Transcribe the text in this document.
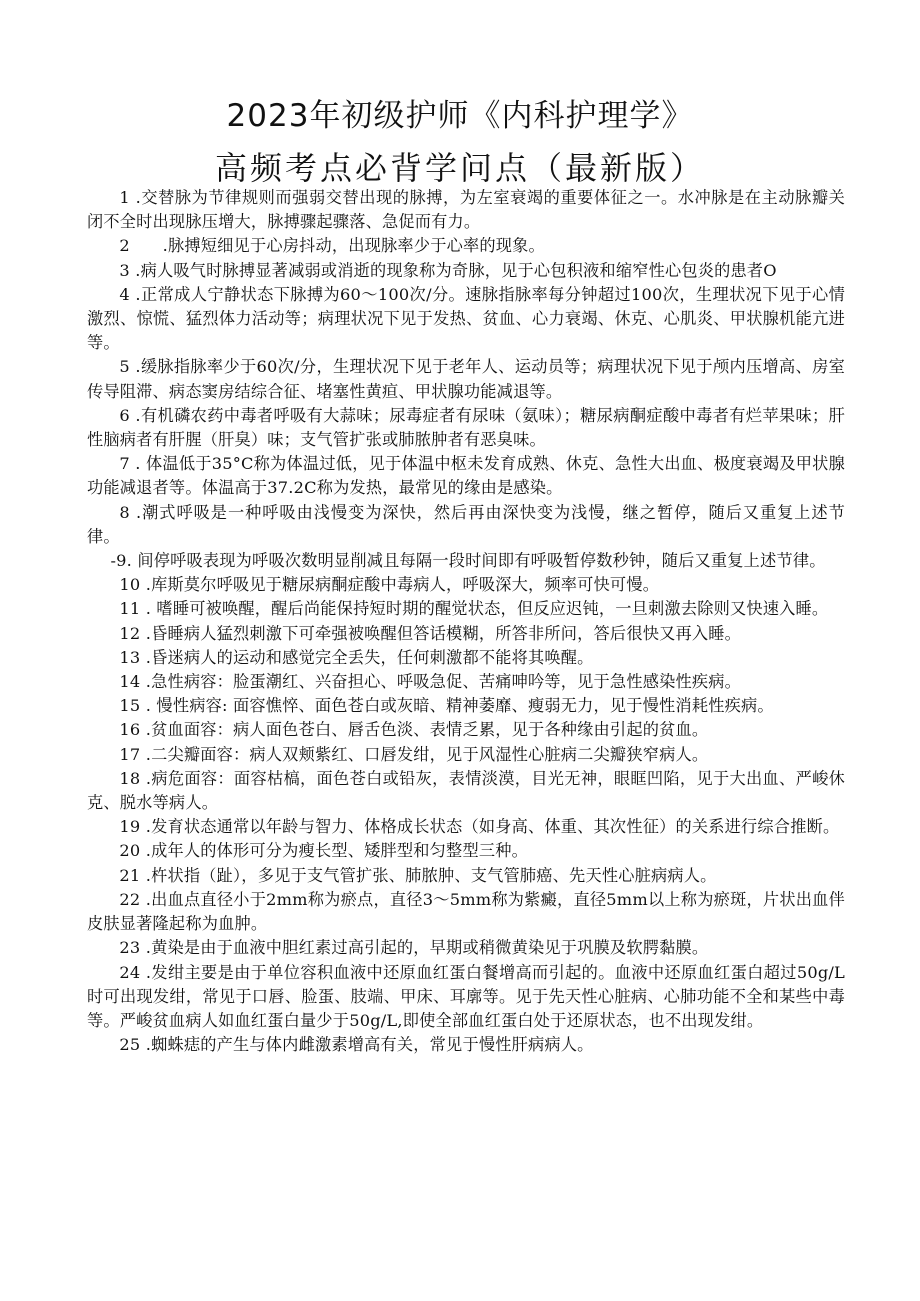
2023年初级护师《内科护理学》
高频考点必背学问点（最新版）

1 .交替脉为节律规则而强弱交替出现的脉搏，为左室衰竭的重要体征之一。水冲脉是在主动脉瓣关闭不全时出现脉压增大，脉搏骤起骤落、急促而有力。

2　　.脉搏短细见于心房抖动，出现脉率少于心率的现象。

3 .病人吸气时脉搏显著减弱或消逝的现象称为奇脉，见于心包积液和缩窄性心包炎的患者O

4 .正常成人宁静状态下脉搏为60～100次/分。速脉指脉率每分钟超过100次，生理状况下见于心情激烈、惊慌、猛烈体力活动等；病理状况下见于发热、贫血、心力衰竭、休克、心肌炎、甲状腺机能亢进等。

5 .缓脉指脉率少于60次/分，生理状况下见于老年人、运动员等；病理状况下见于颅内压增高、房室传导阻滞、病态窦房结综合征、堵塞性黄疸、甲状腺功能减退等。

6 .有机磷农药中毒者呼吸有大蒜味；尿毒症者有尿味（氨味）；糖尿病酮症酸中毒者有烂苹果味；肝性脑病者有肝腥（肝臭）味；支气管扩张或肺脓肿者有恶臭味。

7 . 体温低于35°C称为体温过低，见于体温中枢未发育成熟、休克、急性大出血、极度衰竭及甲状腺功能减退者等。体温高于37.2C称为发热，最常见的缘由是感染。

8 .潮式呼吸是一种呼吸由浅慢变为深快，然后再由深快变为浅慢，继之暂停，随后又重复上述节律。

-9. 间停呼吸表现为呼吸次数明显削减且每隔一段时间即有呼吸暂停数秒钟，随后又重复上述节律。

10 .库斯莫尔呼吸见于糖尿病酮症酸中毒病人，呼吸深大，频率可快可慢。

11 . 嗜睡可被唤醒，醒后尚能保持短时期的醒觉状态，但反应迟钝，一旦刺激去除则又快速入睡。

12 .昏睡病人猛烈刺激下可牵强被唤醒但答话模糊，所答非所问，答后很快又再入睡。

13 .昏迷病人的运动和感觉完全丢失，任何刺激都不能将其唤醒。

14 .急性病容：脸蛋潮红、兴奋担心、呼吸急促、苦痛呻吟等，见于急性感染性疾病。

15 . 慢性病容: 面容憔悴、面色苍白或灰暗、精神萎靡、瘦弱无力，见于慢性消耗性疾病。

16 .贫血面容：病人面色苍白、唇舌色淡、表情乏累，见于各种缘由引起的贫血。

17 .二尖瓣面容：病人双颊紫红、口唇发绀，见于风湿性心脏病二尖瓣狭窄病人。

18 .病危面容：面容枯槁，面色苍白或铅灰，表情淡漠，目光无神，眼眶凹陷，见于大出血、严峻休克、脱水等病人。

19 .发育状态通常以年龄与智力、体格成长状态（如身高、体重、其次性征）的关系进行综合推断。

20 .成年人的体形可分为瘦长型、矮胖型和匀整型三种。

21 .杵状指（趾），多见于支气管扩张、肺脓肿、支气管肺癌、先天性心脏病病人。

22 .出血点直径小于2mm称为瘀点，直径3～5mm称为紫癜，直径5mm以上称为瘀斑，片状出血伴皮肤显著隆起称为血肿。

23 .黄染是由于血液中胆红素过高引起的，早期或稍微黄染见于巩膜及软腭黏膜。

24 .发绀主要是由于单位容积血液中还原血红蛋白餐增高而引起的。血液中还原血红蛋白超过50g/L时可出现发绀，常见于口唇、脸蛋、肢端、甲床、耳廓等。见于先天性心脏病、心肺功能不全和某些中毒等。严峻贫血病人如血红蛋白量少于50g/L,即使全部血红蛋白处于还原状态，也不出现发绀。

25 .蜘蛛痣的产生与体内雌激素增高有关，常见于慢性肝病病人。
